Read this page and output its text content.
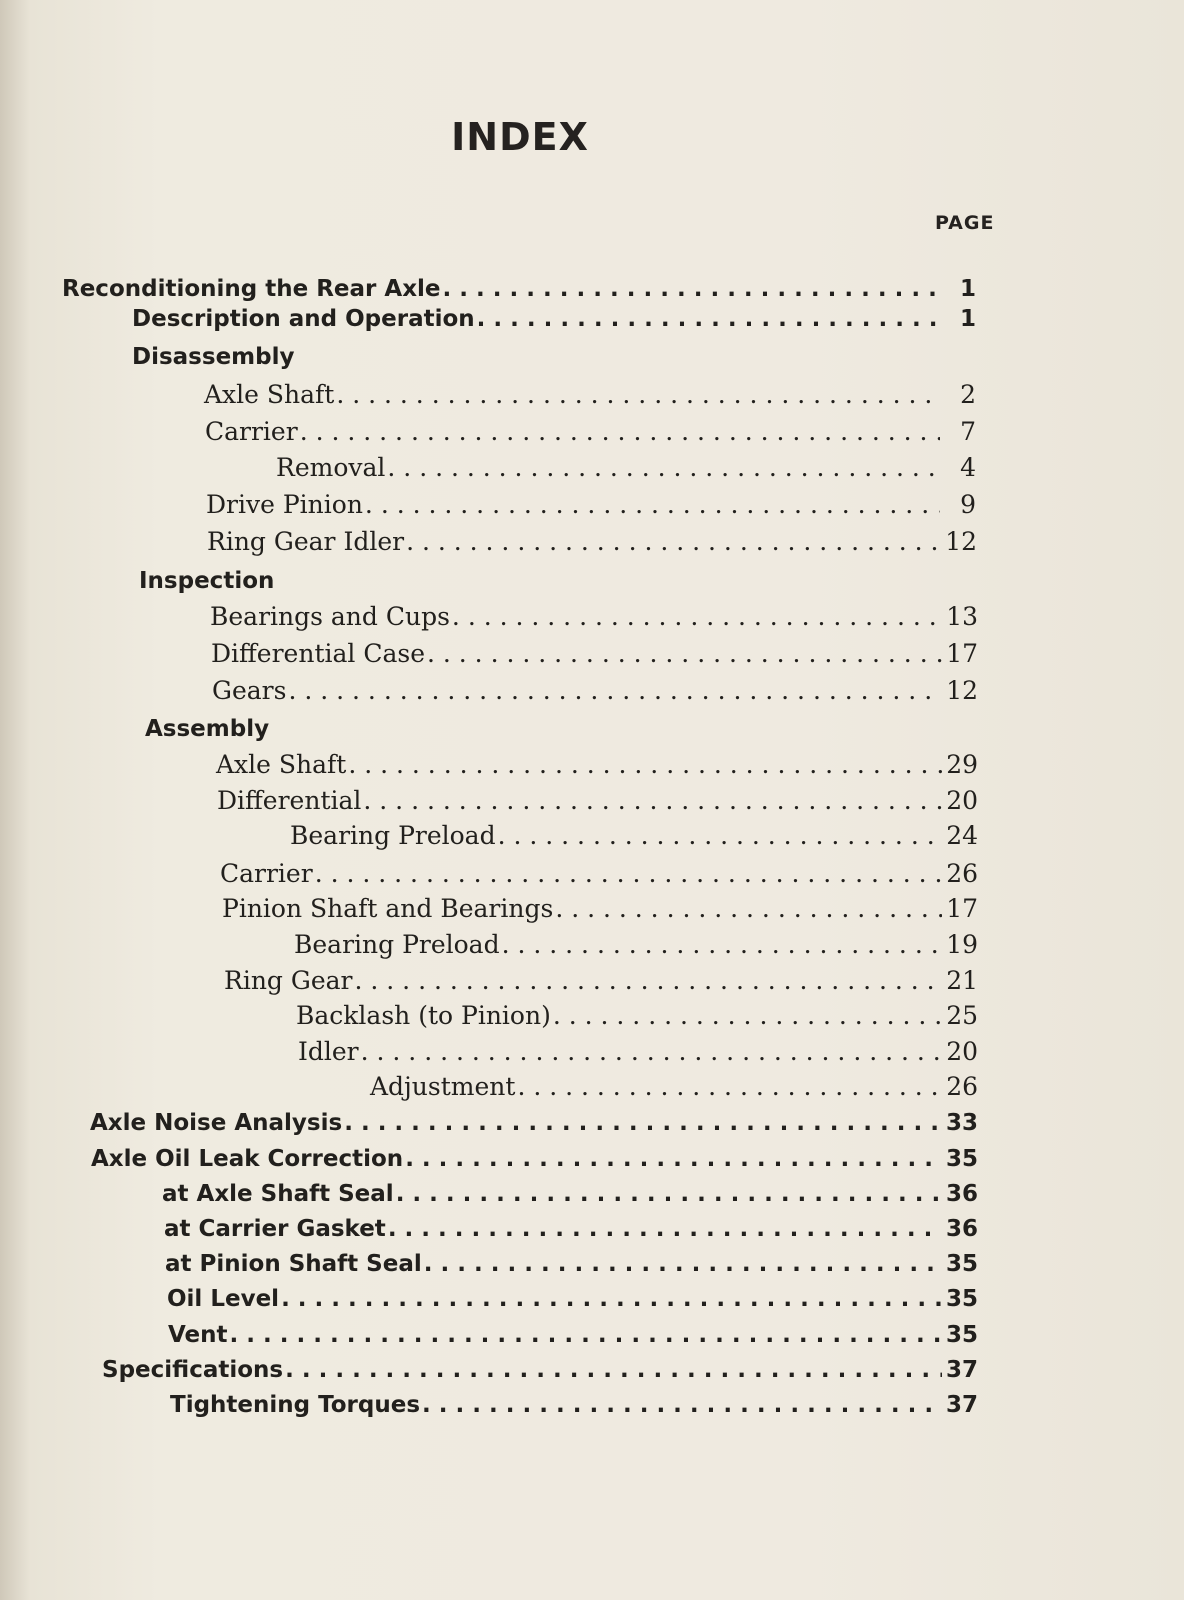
INDEX
PAGE
Reconditioning the Rear Axle . . .	1
Description and Operation . . .	1
Disassembly
Axle Shaft . . .	2
Carrier . . .	7
Removal . . .	4
Drive Pinion . . .	9
Ring Gear Idler . . .	12
Inspection
Bearings and Cups . . .	13
Differential Case . . .	17
Gears . . .	12
Assembly
Axle Shaft . . .	29
Differential . . .	20
Bearing Preload . . .	24
Carrier . . .	26
Pinion Shaft and Bearings . . .	17
Bearing Preload . . .	19
Ring Gear . . .	21
Backlash (to Pinion) . . .	25
Idler . . .	20
Adjustment . . .	26
Axle Noise Analysis . . .	33
Axle Oil Leak Correction . . .	35
at Axle Shaft Seal . . .	36
at Carrier Gasket . . .	36
at Pinion Shaft Seal . . .	35
Oil Level . . .	35
Vent . . .	35
Specifications . . .	37
Tightening Torques . . .	37
